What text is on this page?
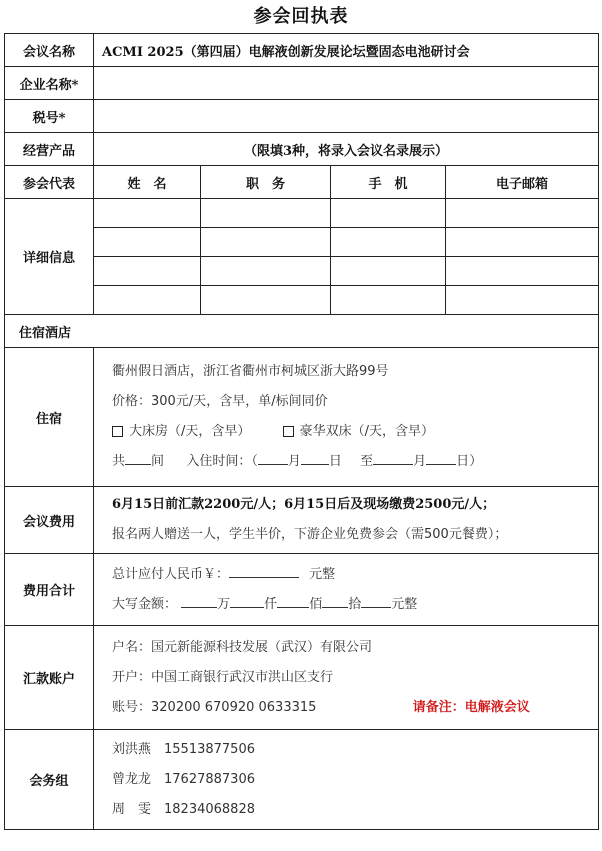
参会回执表
会议名称	ACMI 2025（第四届）电解液创新发展论坛暨固态电池研讨会			
企业名称*				
税号*				
经营产品	（限填3种，将录入会议名录展示）			
参会代表	姓　名	职　务	手　机	电子邮箱
详细信息				

住宿酒店				
住宿	衢州假日酒店，浙江省衢州市柯城区浙大路99号
价格：300元/天，含早，单/标间同价
大床房（/天，含早） 豪华双床（/天，含早）
共 间 入住时间：（ 月 日 至 月 日）			

会议费用	6月15日前汇款2200元/人；6月15日后及现场缴费2500元/人；
报名两人赠送一人，学生半价，下游企业免费参会（需500元餐费）；			

费用合计	总计应付人民币￥： 元整
大写金额： 万 仟 佰 拾 元整			

汇款账户	户名：国元新能源科技发展（武汉）有限公司
开户：中国工商银行武汉市洪山区支行
账号：320200 670920 0633315 请备注：电解液会议			

会务组	刘洪燕　15513877506
曾龙龙　17627887306
周　雯　18234068828			
